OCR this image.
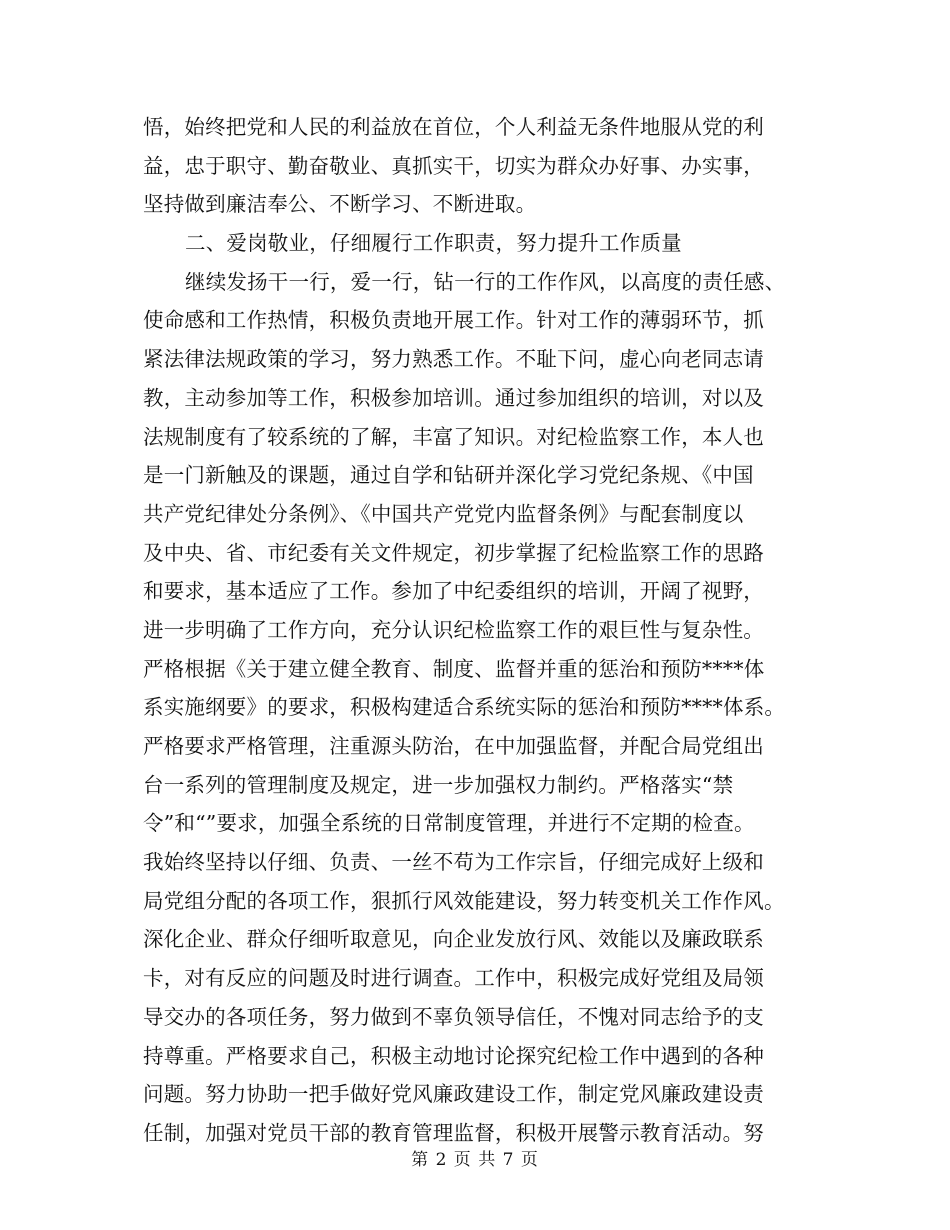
悟，始终把党和人民的利益放在首位，个人利益无条件地服从党的利
益，忠于职守、勤奋敬业、真抓实干，切实为群众办好事、办实事，
坚持做到廉洁奉公、不断学习、不断进取。
二、爱岗敬业，仔细履行工作职责，努力提升工作质量
继续发扬干一行，爱一行，钻一行的工作作风，以高度的责任感、
使命感和工作热情，积极负责地开展工作。针对工作的薄弱环节，抓
紧法律法规政策的学习，努力熟悉工作。不耻下问，虚心向老同志请
教，主动参加等工作，积极参加培训。通过参加组织的培训，对以及
法规制度有了较系统的了解，丰富了知识。对纪检监察工作，本人也
是一门新触及的课题，通过自学和钻研并深化学习党纪条规、《中国
共产党纪律处分条例》、《中国共产党党内监督条例》与配套制度以
及中央、省、市纪委有关文件规定，初步掌握了纪检监察工作的思路
和要求，基本适应了工作。参加了中纪委组织的培训，开阔了视野，
进一步明确了工作方向，充分认识纪检监察工作的艰巨性与复杂性。
严格根据《关于建立健全教育、制度、监督并重的惩治和预防****体
系实施纲要》的要求，积极构建适合系统实际的惩治和预防****体系。
严格要求严格管理，注重源头防治，在中加强监督，并配合局党组出
台一系列的管理制度及规定，进一步加强权力制约。严格落实“禁
令”和“”要求，加强全系统的日常制度管理，并进行不定期的检查。
我始终坚持以仔细、负责、一丝不苟为工作宗旨，仔细完成好上级和
局党组分配的各项工作，狠抓行风效能建设，努力转变机关工作作风。
深化企业、群众仔细听取意见，向企业发放行风、效能以及廉政联系
卡，对有反应的问题及时进行调查。工作中，积极完成好党组及局领
导交办的各项任务，努力做到不辜负领导信任，不愧对同志给予的支
持尊重。严格要求自己，积极主动地讨论探究纪检工作中遇到的各种
问题。努力协助一把手做好党风廉政建设工作，制定党风廉政建设责
任制，加强对党员干部的教育管理监督，积极开展警示教育活动。努
第 2 页 共 7 页
